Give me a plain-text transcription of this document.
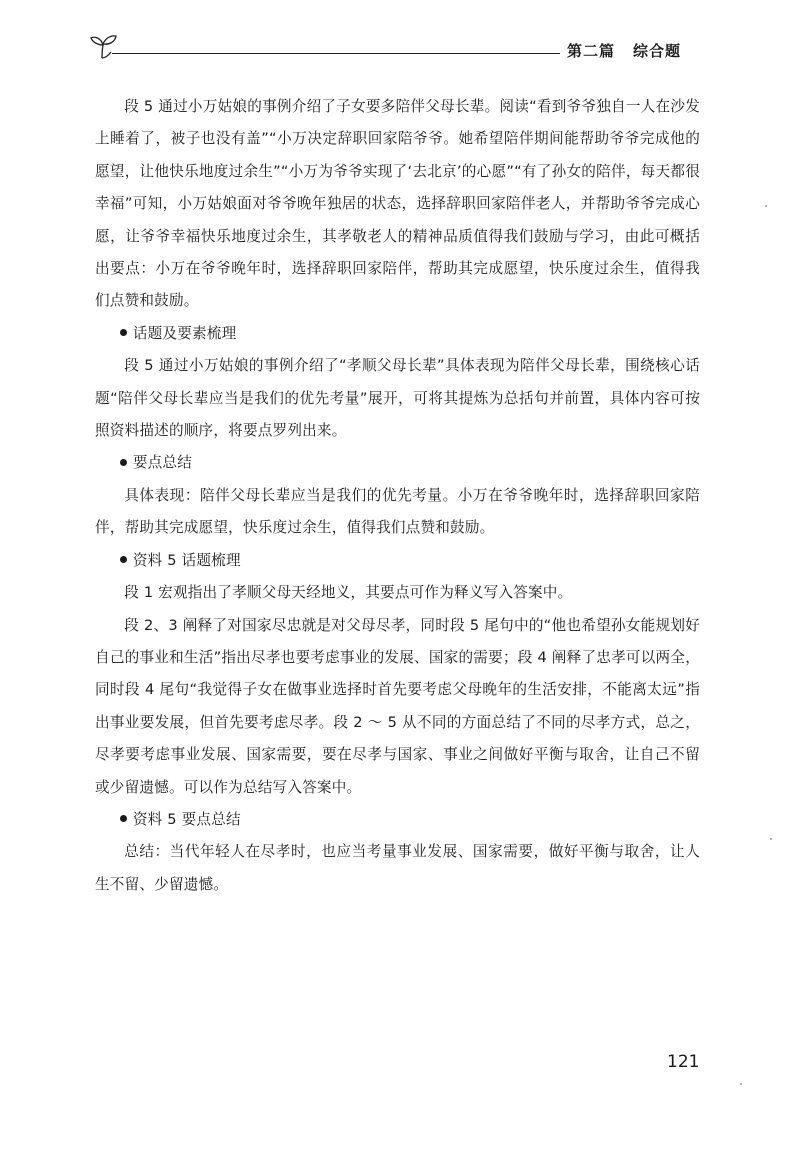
第二篇 综合题

段 5 通过小万姑娘的事例介绍了子女要多陪伴父母长辈。阅读“看到爷爷独自一人在沙发上睡着了，被子也没有盖”“小万决定辞职回家陪爷爷。她希望陪伴期间能帮助爷爷完成他的愿望，让他快乐地度过余生”“小万为爷爷实现了‘去北京’的心愿”“有了孙女的陪伴，每天都很幸福”可知，小万姑娘面对爷爷晚年独居的状态，选择辞职回家陪伴老人，并帮助爷爷完成心愿，让爷爷幸福快乐地度过余生，其孝敬老人的精神品质值得我们鼓励与学习，由此可概括出要点：小万在爷爷晚年时，选择辞职回家陪伴，帮助其完成愿望，快乐度过余生，值得我们点赞和鼓励。

话题及要素梳理

段 5 通过小万姑娘的事例介绍了“孝顺父母长辈”具体表现为陪伴父母长辈，围绕核心话题“陪伴父母长辈应当是我们的优先考量”展开，可将其提炼为总括句并前置，具体内容可按照资料描述的顺序，将要点罗列出来。

要点总结

具体表现：陪伴父母长辈应当是我们的优先考量。小万在爷爷晚年时，选择辞职回家陪伴，帮助其完成愿望，快乐度过余生，值得我们点赞和鼓励。

资料 5 话题梳理

段 1 宏观指出了孝顺父母天经地义，其要点可作为释义写入答案中。

段 2、3 阐释了对国家尽忠就是对父母尽孝，同时段 5 尾句中的“他也希望孙女能规划好自己的事业和生活”指出尽孝也要考虑事业的发展、国家的需要；段 4 阐释了忠孝可以两全，同时段 4 尾句“我觉得子女在做事业选择时首先要考虑父母晚年的生活安排，不能离太远”指出事业要发展，但首先要考虑尽孝。段 2 ～ 5 从不同的方面总结了不同的尽孝方式，总之，尽孝要考虑事业发展、国家需要，要在尽孝与国家、事业之间做好平衡与取舍，让自己不留或少留遗憾。可以作为总结写入答案中。

资料 5 要点总结

总结：当代年轻人在尽孝时，也应当考量事业发展、国家需要，做好平衡与取舍，让人生不留、少留遗憾。

121
